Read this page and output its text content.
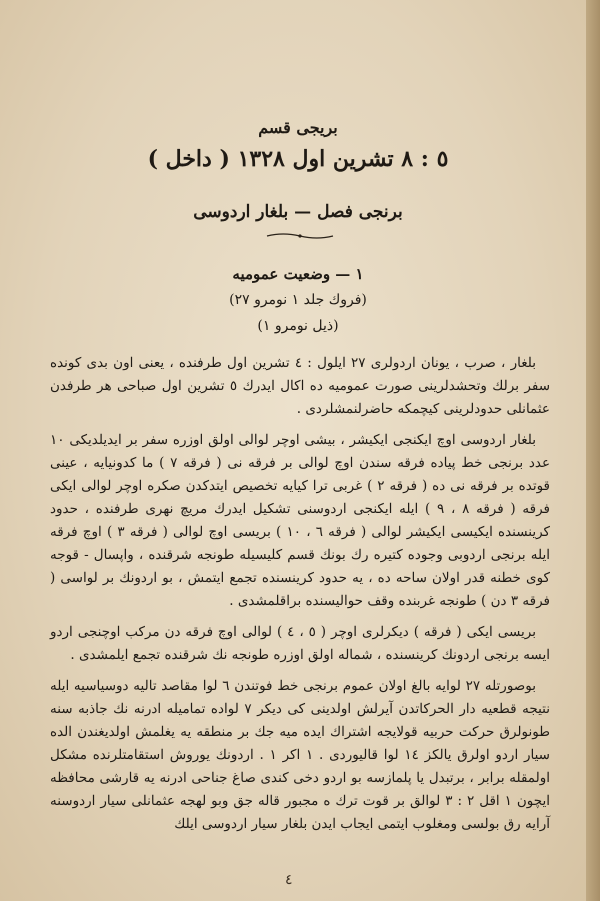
بريجى قسم
٥ : ٨ تشرين اول ١٣٢٨ ( داخل )
برنجى فصل — بلغار اردوسى
١ — وضعيت عموميه
(فروك جلد ١ نومرو ٢٧)
(ذيل نومرو ١)

بلغار ، صرب ، يونان اردولرى ٢٧ ايلول : ٤ تشرين اول طرفنده ، يعنى اون بدى كوندە سفر برلك وتحشدلرينى صورت عموميه ده اكال ايدرك ٥ تشرين اول صباحى هر طرفدن عثمانلى حدودلرينى كيچمكه حاضرلنمشلردى .

بلغار اردوسى اوچ ايكنجى ايكيشر ، بيشى اوچر لوالى اولق اوزره سفر بر ايديلديكى ١٠ عدد برنجى خط پياده فرقه سندن اوچ لوالى بر فرقه نى ( فرقه ٧ ) ما كدونيايه ، عينى قوتده بر فرقه نى ده ( فرقه ٢ ) غربى ترا كيايه تخصيص ايتدكدن صكره اوچر لوالى ايكى فرقه ( فرقه ٨ ، ٩ ) ايله ايكنجى اردوسنى تشكيل ايدرك مريچ نهرى طرفنده ، حدود كرينسنده ايكيسى ايكيشر لوالى ( فرقه ٦ ، ١٠ ) بريسى اوچ لوالى ( فرقه ٣ ) اوچ فرقه ايله برنجى اردوبى وجوده كتيره رك بونك قسم كليسيله طونجه شرقنده ، واپسال - قوجه كوى خطنه قدر اولان ساحه ده ، يه حدود كرينسنده تجمع ايتمش ، بو اردونك بر لواسى ( فرقه ٣ دن ) طونجه غربنده وقف حواليسنده براقلمشدى .

بريسى ايكى ( فرقه ) ديكرلرى اوچر ( ٥ ، ٤ ) لوالى اوچ فرقه دن مركب اوچنجى اردو ايسه برنجى اردونك كرينسنده ، شماله اولق اوزره طونجه نك شرقنده تجمع ايلمشدى .

بوصورتله ٢٧ لوايه بالغ اولان عموم برنجى خط فوتندن ٦ لوا مقاصد تاليه دوسياسيه ايله نتيجه قطعيه دار الحركاتدن آيرلش اولدينى كى ديكر ٧ لواده تماميله ادرنه نك جاذبه سنه طونولرق حركت حربيه قولايجه اشتراك ايده ميه جك بر منطقه يه يغلمش اولديغندن الده سيار اردو اولرق يالكز ١٤ لوا قاليوردى . ١ اكر ١ . اردونك يوروش استقامتلرنده مشكل اولمقله برابر ، برتبدل يا پلمازسه بو اردو دخى كندى صاغ جناحى ادرنه يه قارشى محافظه ايچون ١ اقل ٢ : ٣ لوالق بر قوت ترك ه مجبور قاله جق وبو لهجه عثمانلى سيار اردوسنه آرايه رق بولسى ومغلوب ايتمى ايجاب ايدن بلغار سيار اردوسى ايلك

٤
